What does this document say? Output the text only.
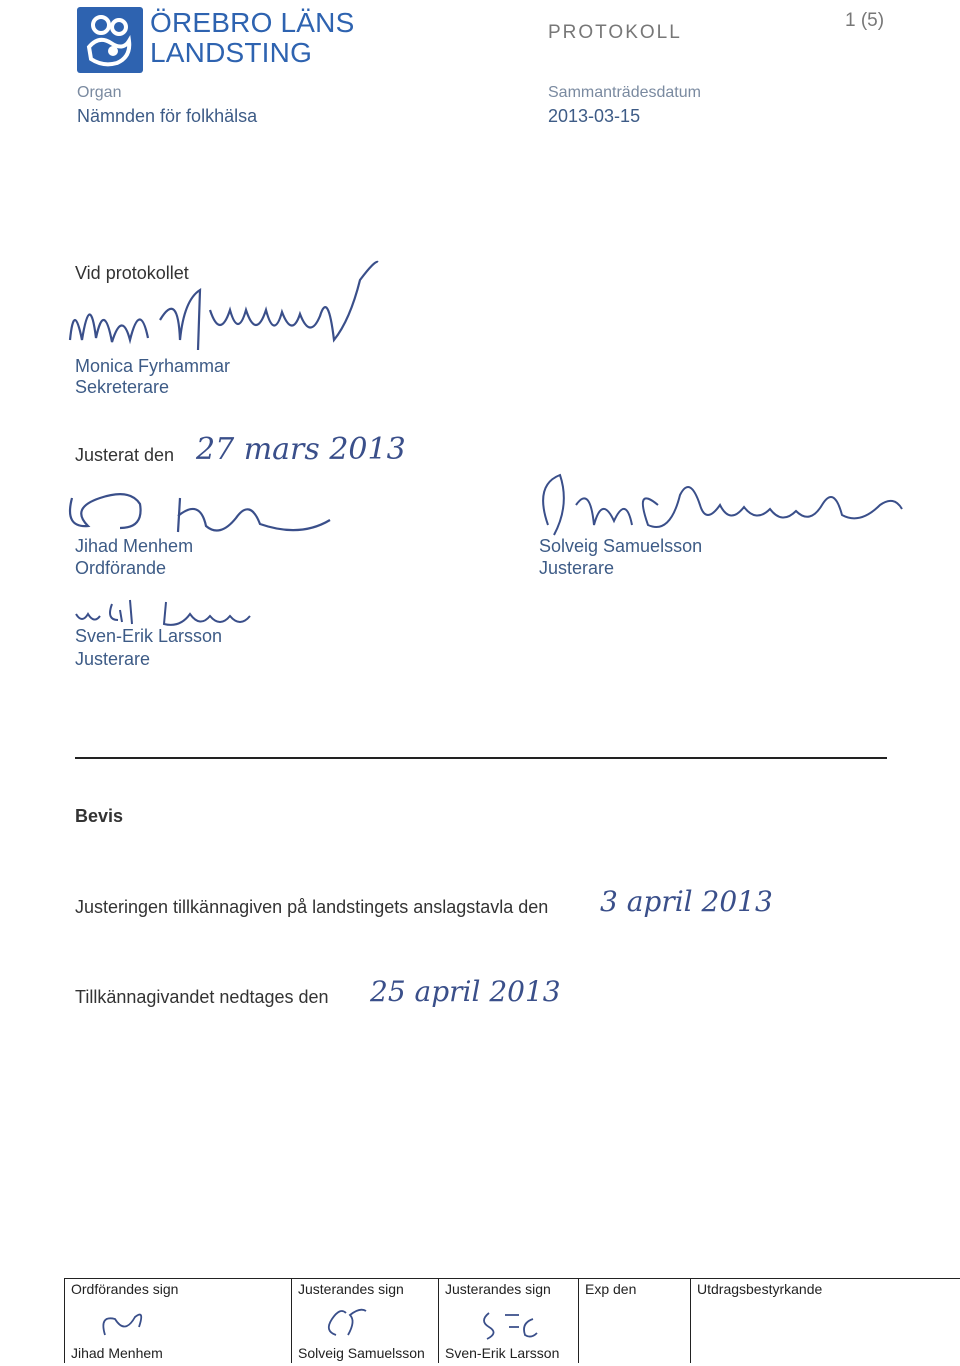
ÖREBRO LÄNS
LANDSTING
PROTOKOLL
1 (5)
Organ
Nämnden för folkhälsa
Sammanträdesdatum
2013-03-15
Vid protokollet
Monica Fyrhammar
Sekreterare
Justerat den 27 mars 2013
Jihad Menhem
Ordförande
Solveig Samuelsson
Justerare
Sven-Erik Larsson
Justerare
Bevis
Justeringen tillkännagiven på landstingets anslagstavla den 3 april 2013
Tillkännagivandet nedtages den 25 april 2013
Ordförandes sign
Jihad Menhem
Justerandes sign
Solveig Samuelsson
Justerandes sign
Sven-Erik Larsson
Exp den	Utdragsbestyrkande
